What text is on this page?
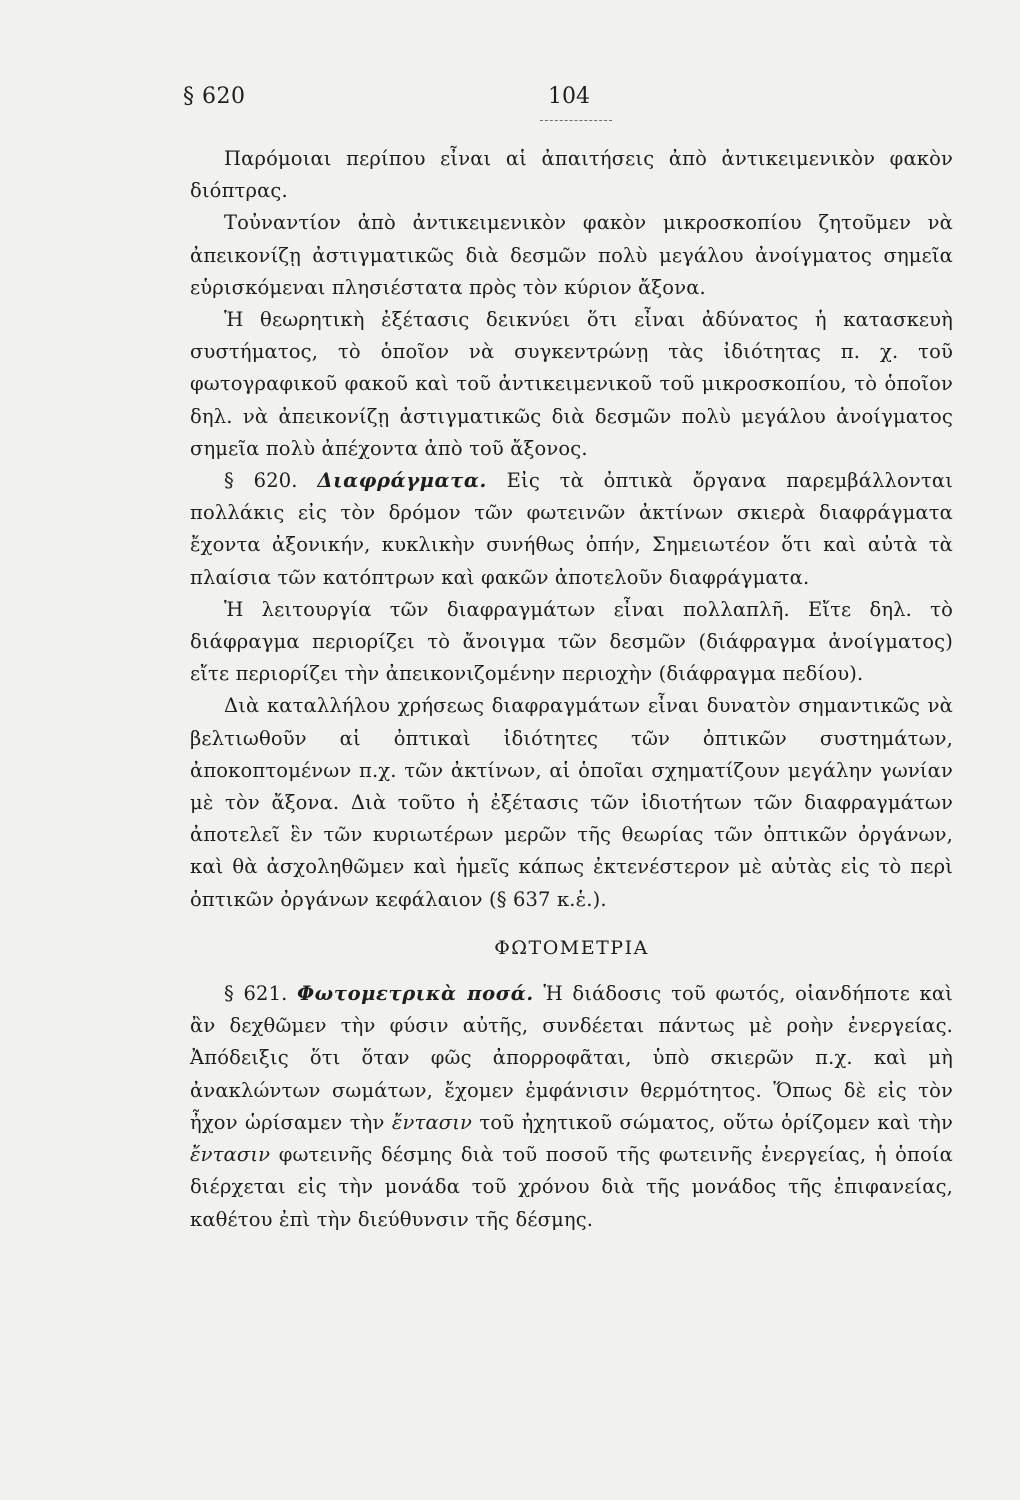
§ 620	104

Παρόμοιαι περίπου εἶναι αἱ ἀπαιτήσεις ἀπὸ ἀντικειμενικὸν φακὸν διόπτρας.

Τοὐναντίον ἀπὸ ἀντικειμενικὸν φακὸν μικροσκοπίου ζητοῦμεν νὰ ἀπεικονίζῃ ἀστιγματικῶς διὰ δεσμῶν πολὺ μεγάλου ἀνοίγματος σημεῖα εὑρισκόμεναι πλησιέστατα πρὸς τὸν κύριον ἄξονα.

Ἡ θεωρητικὴ ἐξέτασις δεικνύει ὅτι εἶναι ἀδύνατος ἡ κατασκευὴ συστήματος, τὸ ὁποῖον νὰ συγκεντρώνῃ τὰς ἰδιότητας π. χ. τοῦ φωτογραφικοῦ φακοῦ καὶ τοῦ ἀντικειμενικοῦ τοῦ μικροσκοπίου, τὸ ὁποῖον δηλ. νὰ ἀπεικονίζῃ ἀστιγματικῶς διὰ δεσμῶν πολὺ μεγάλου ἀνοίγματος σημεῖα πολὺ ἀπέχοντα ἀπὸ τοῦ ἄξονος.

§ 620. Διαφράγματα. Εἰς τὰ ὀπτικὰ ὄργανα παρεμβάλλονται πολλάκις εἰς τὸν δρόμον τῶν φωτεινῶν ἀκτίνων σκιερὰ διαφράγματα ἔχοντα ἀξονικήν, κυκλικὴν συνήθως ὀπήν, Σημειωτέον ὅτι καὶ αὐτὰ τὰ πλαίσια τῶν κατόπτρων καὶ φακῶν ἀποτελοῦν διαφράγματα.

Ἡ λειτουργία τῶν διαφραγμάτων εἶναι πολλαπλῆ. Εἴτε δηλ. τὸ διάφραγμα περιορίζει τὸ ἄνοιγμα τῶν δεσμῶν (διάφραγμα ἀνοίγματος) εἴτε περιορίζει τὴν ἀπεικονιζομένην περιοχὴν (διάφραγμα πεδίου).

Διὰ καταλλήλου χρήσεως διαφραγμάτων εἶναι δυνατὸν σημαντικῶς νὰ βελτιωθοῦν αἱ ὀπτικαὶ ἰδιότητες τῶν ὀπτικῶν συστημάτων, ἀποκοπτομένων π.χ. τῶν ἀκτίνων, αἱ ὁποῖαι σχηματίζουν μεγάλην γωνίαν μὲ τὸν ἄξονα. Διὰ τοῦτο ἡ ἐξέτασις τῶν ἰδιοτήτων τῶν διαφραγμάτων ἀποτελεῖ ἓν τῶν κυριωτέρων μερῶν τῆς θεωρίας τῶν ὀπτικῶν ὀργάνων, καὶ θὰ ἀσχοληθῶμεν καὶ ἡμεῖς κάπως ἐκτενέστερον μὲ αὐτὰς εἰς τὸ περὶ ὀπτικῶν ὀργάνων κεφάλαιον (§ 637 κ.ἑ.).

ΦΩΤΟΜΕΤΡΙΑ

§ 621. Φωτομετρικὰ ποσά. Ἡ διάδοσις τοῦ φωτός, οἱανδήποτε καὶ ἂν δεχθῶμεν τὴν φύσιν αὐτῆς, συνδέεται πάντως μὲ ροὴν ἐνεργείας. Ἀπόδειξις ὅτι ὅταν φῶς ἀπορροφᾶται, ὑπὸ σκιερῶν π.χ. καὶ μὴ ἀνακλώντων σωμάτων, ἔχομεν ἐμφάνισιν θερμότητος. Ὅπως δὲ εἰς τὸν ἦχον ὡρίσαμεν τὴν ἔντασιν τοῦ ἠχητικοῦ σώματος, οὕτω ὁρίζομεν καὶ τὴν ἔντασιν φωτεινῆς δέσμης διὰ τοῦ ποσοῦ τῆς φωτεινῆς ἐνεργείας, ἡ ὁποία διέρχεται εἰς τὴν μονάδα τοῦ χρόνου διὰ τῆς μονάδος τῆς ἐπιφανείας, καθέτου ἐπὶ τὴν διεύθυνσιν τῆς δέσμης.
